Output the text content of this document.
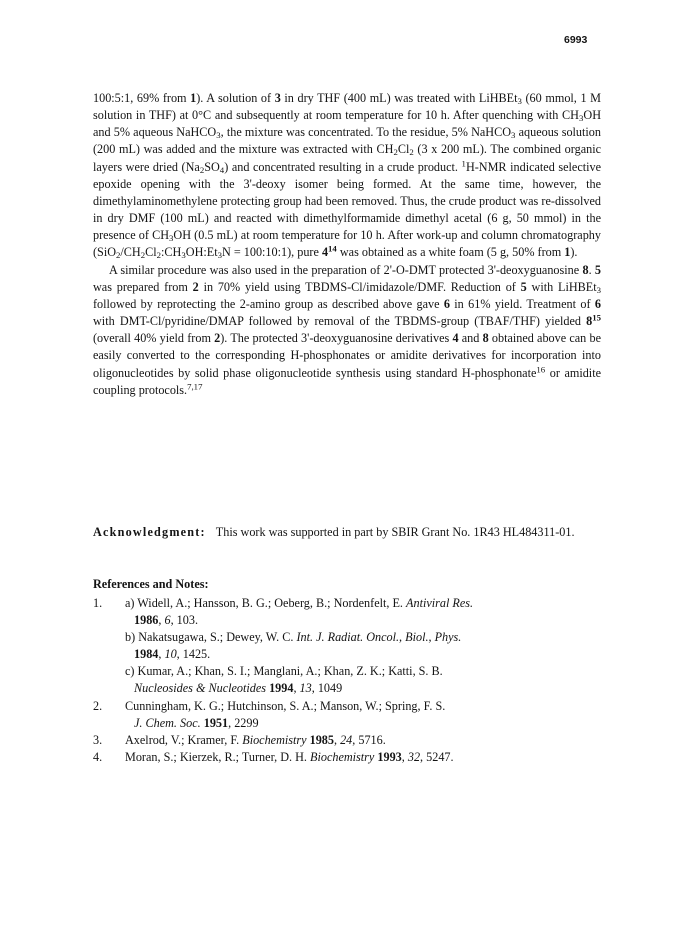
6993

100:5:1, 69% from 1). A solution of 3 in dry THF (400 mL) was treated with LiHBEt$_3$ (60 mmol, 1 M solution in THF) at 0°C and subsequently at room temperature for 10 h. After quenching with $CH_3OH$ and 5% aqueous NaHCO$_3$, the mixture was concentrated. To the residue, 5% NaHCO$_3$ aqueous solution (200 mL) was added and the mixture was extracted with $CH_2Cl_2$ (3 x 200 mL). The combined organic layers were dried $(Na_2SO_4)$ and concentrated resulting in a crude product. $^1$H-NMR indicated selective epoxide opening with the 3'-deoxy isomer being formed. At the same time, however, the dimethylaminomethylene protecting group had been removed. Thus, the crude product was re-dissolved in dry DMF (100 mL) and reacted with dimethylformamide dimethyl acetal (6 g, 50 mmol) in the presence of $CH_3OH$ (0.5 mL) at room temperature for 10 h. After work-up and column chromatography ($SiO_2/CH_2Cl_2:CH_3OH:Et_3N$ = 100:10:1), pure $4^{14}$ was obtained as a white foam (5 g, 50% from 1).

A similar procedure was also used in the preparation of 2'-O-DMT protected 3'-deoxyguanosine 8. 5 was prepared from 2 in 70% yield using TBDMS-Cl/imidazole/DMF. Reduction of 5 with LiHBEt$_3$ followed by reprotecting the 2-amino group as described above gave 6 in 61% yield. Treatment of 6 with DMT-Cl/pyridine/DMAP followed by removal of the TBDMS-group (TBAF/THF) yielded $8^{15}$ (overall 40% yield from 2). The protected 3'-deoxyguanosine derivatives 4 and 8 obtained above can be easily converted to the corresponding H-phosphonates or amidite derivatives for incorporation into oligonucleotides by solid phase oligonucleotide synthesis using standard H-phosphonate$^{16}$ or amidite coupling protocols.$^{7,17}$

Acknowledgment: This work was supported in part by SBIR Grant No. 1R43 HL484311-01.
References and Notes:
1. a) Widell, A.; Hansson, B. G.; Oeberg, B.; Nordenfelt, E. Antiviral Res.
1986, 6, 103.
b) Nakatsugawa, S.; Dewey, W. C. Int. J. Radiat. Oncol., Biol., Phys.
1984, 10, 1425.
c) Kumar, A.; Khan, S. I.; Manglani, A.; Khan, Z. K.; Katti, S. B.
Nucleosides & Nucleotides 1994, 13, 1049
2. Cunningham, K. G.; Hutchinson, S. A.; Manson, W.; Spring, F. S.
J. Chem. Soc. 1951, 2299
3. Axelrod, V.; Kramer, F. Biochemistry 1985, 24, 5716.
4. Moran, S.; Kierzek, R.; Turner, D. H. Biochemistry 1993, 32, 5247.
